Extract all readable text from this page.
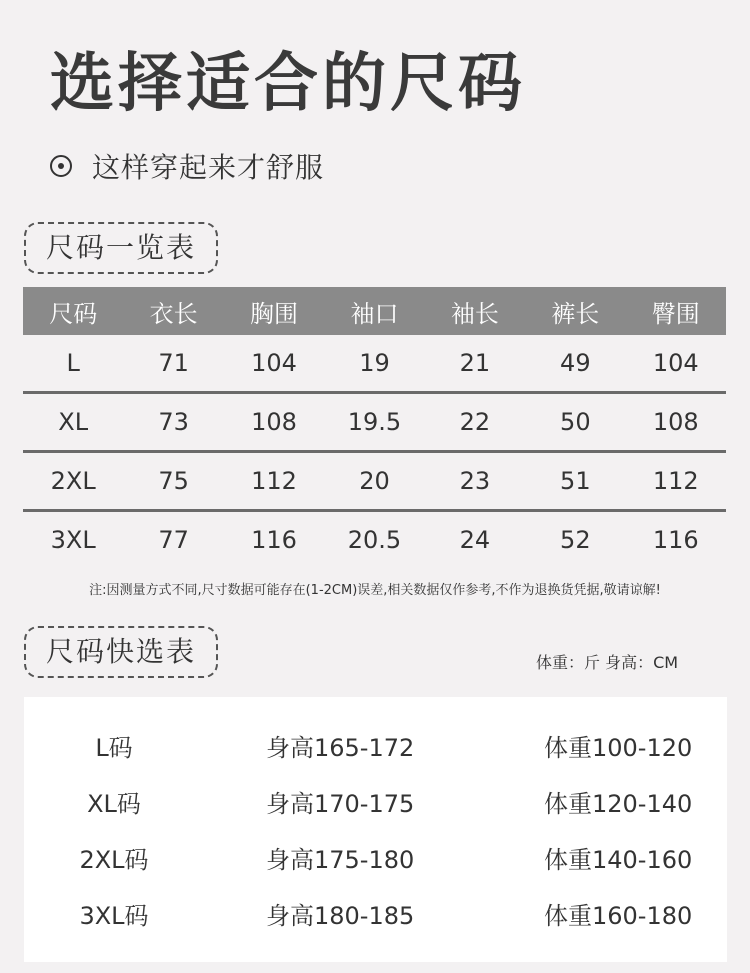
选择适合的尺码
这样穿起来才舒服
尺码一览表
尺码	衣长	胸围	袖口	袖长	裤长	臀围
L	71	104	19	21	49	104
XL	73	108	19.5	22	50	108
2XL	75	112	20	23	51	112
3XL	77	116	20.5	24	52	116
注:因测量方式不同,尺寸数据可能存在(1-2CM)误差,相关数据仅作参考,不作为退换货凭据,敬请谅解!
尺码快选表	体重：斤 身高：CM
L码	身高165-172	体重100-120
XL码	身高170-175	体重120-140
2XL码	身高175-180	体重140-160
3XL码	身高180-185	体重160-180
